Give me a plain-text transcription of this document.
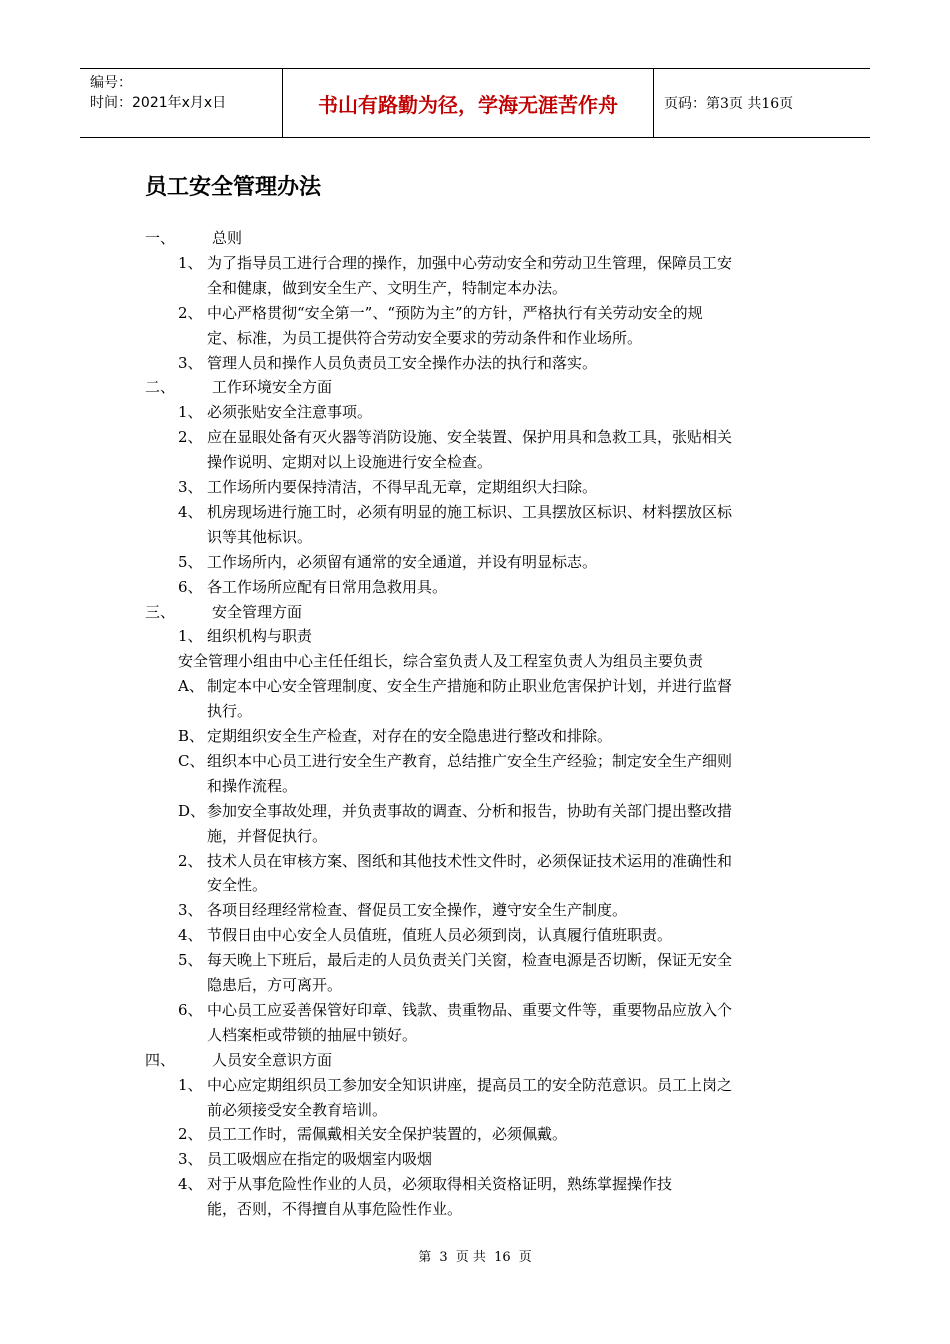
编号：
时间：2021年x月x日	书山有路勤为径，学海无涯苦作舟	页码：第3页 共16页
员工安全管理办法
一、 总则
1、 为了指导员工进行合理的操作，加强中心劳动安全和劳动卫生管理，保障员工安
全和健康，做到安全生产、文明生产，特制定本办法。
2、 中心严格贯彻“安全第一”、“预防为主”的方针，严格执行有关劳动安全的规
定、标准，为员工提供符合劳动安全要求的劳动条件和作业场所。
3、 管理人员和操作人员负责员工安全操作办法的执行和落实。
二、 工作环境安全方面
1、 必须张贴安全注意事项。
2、 应在显眼处备有灭火器等消防设施、安全装置、保护用具和急救工具，张贴相关
操作说明、定期对以上设施进行安全检查。
3、 工作场所内要保持清洁，不得早乱无章，定期组织大扫除。
4、 机房现场进行施工时，必须有明显的施工标识、工具摆放区标识、材料摆放区标
识等其他标识。
5、 工作场所内，必须留有通常的安全通道，并设有明显标志。
6、 各工作场所应配有日常用急救用具。
三、 安全管理方面
1、 组织机构与职责
安全管理小组由中心主任任组长，综合室负责人及工程室负责人为组员主要负责
A、 制定本中心安全管理制度、安全生产措施和防止职业危害保护计划，并进行监督
执行。
B、 定期组织安全生产检查，对存在的安全隐患进行整改和排除。
C、 组织本中心员工进行安全生产教育，总结推广安全生产经验；制定安全生产细则
和操作流程。
D、 参加安全事故处理，并负责事故的调查、分析和报告，协助有关部门提出整改措
施，并督促执行。
2、 技术人员在审核方案、图纸和其他技术性文件时，必须保证技术运用的准确性和
安全性。
3、 各项目经理经常检查、督促员工安全操作，遵守安全生产制度。
4、 节假日由中心安全人员值班，值班人员必须到岗，认真履行值班职责。
5、 每天晚上下班后，最后走的人员负责关门关窗，检查电源是否切断，保证无安全
隐患后，方可离开。
6、 中心员工应妥善保管好印章、钱款、贵重物品、重要文件等，重要物品应放入个
人档案柜或带锁的抽屉中锁好。
四、 人员安全意识方面
1、 中心应定期组织员工参加安全知识讲座，提高员工的安全防范意识。员工上岗之
前必须接受安全教育培训。
2、 员工工作时，需佩戴相关安全保护装置的，必须佩戴。
3、 员工吸烟应在指定的吸烟室内吸烟
4、 对于从事危险性作业的人员，必须取得相关资格证明，熟练掌握操作技
能，否则，不得擅自从事危险性作业。
第 3 页 共 16 页
